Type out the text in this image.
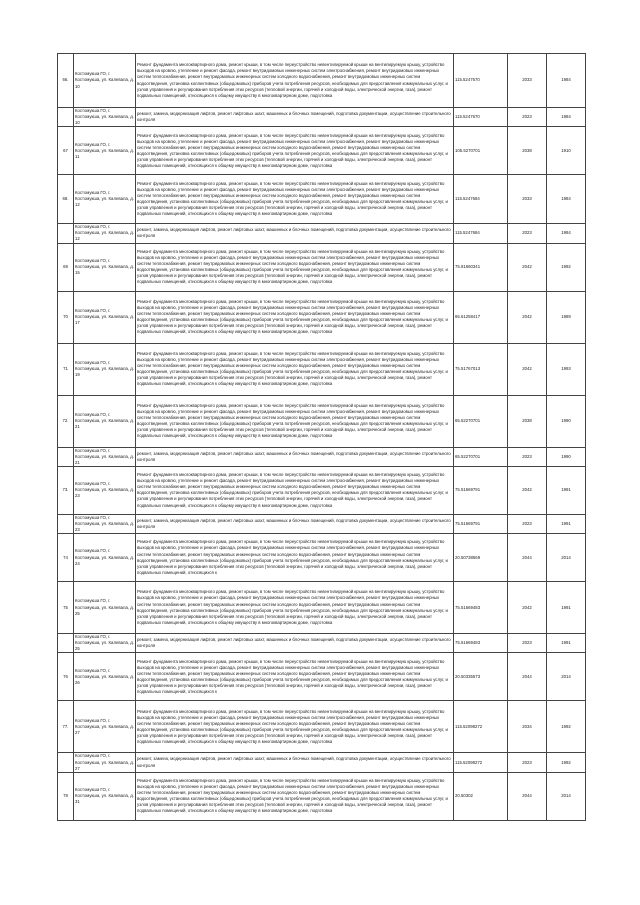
66.	Костомукша ГО, г. Костомукша, ул. Калевала, д. 10	Ремонт фундамента многоквартирного дома, ремонт крыши, в том числе переустройство невентилируемой крыши на вентилируемую крышу, устройство выходов на кровлю, утепление и ремонт фасада, ремонт внутридомовых инженерных систем электроснабжения, ремонт внутридомовых инженерных систем теплоснабжения, ремонт внутридомовых инженерных систем холодного водоснабжения, ремонт внутридомовых инженерных систем водоотведения, установка коллективных (общедомовых) приборов учета потребления ресурсов, необходимых для предоставления коммунальных услуг, и узлов управления и регулирования потребления этих ресурсов (тепловой энергии, горячей и холодной воды, электрической энергии, газа), ремонт подвальных помещений, относящихся к общему имуществу в многоквартирном доме, подготовка	115.5247670	2033	1984
	Костомукша ГО, г. Костомукша, ул. Калевала, д. 10	ремонт, замена, модернизация лифтов, ремонт лифтовых шахт, машинных и блочных помещений, подготовка документации, осуществление строительного контроля	115.5247670	2023	1984
67	Костомукша ГО, г. Костомукша, ул. Калевала, д. 11	Ремонт фундамента многоквартирного дома, ремонт крыши, в том числе переустройство невентилируемой крыши на вентилируемую крышу, устройство выходов на кровлю, утепление и ремонт фасада, ремонт внутридомовых инженерных систем электроснабжения, ремонт внутридомовых инженерных систем теплоснабжения, ремонт внутридомовых инженерных систем холодного водоснабжения, ремонт внутридомовых инженерных систем водоотведения, установка коллективных (общедомовых) приборов учета потребления ресурсов, необходимых для предоставления коммунальных услуг, и узлов управления и регулирования потребления этих ресурсов (тепловой энергии, горячей и холодной воды, электрической энергии, газа), ремонт подвальных помещений, относящихся к общему имуществу в многоквартирном доме, подготовка	105.5270701	2038	1910
68.	Костомукша ГО, г. Костомукша, ул. Калевала, д. 12	Ремонт фундамента многоквартирного дома, ремонт крыши, в том числе переустройство невентилируемой крыши на вентилируемую крышу, устройство выходов на кровлю, утепление и ремонт фасада, ремонт внутридомовых инженерных систем электроснабжения, ремонт внутридомовых инженерных систем теплоснабжения, ремонт внутридомовых инженерных систем холодного водоснабжения, ремонт внутридомовых инженерных систем водоотведения, установка коллективных (общедомовых) приборов учета потребления ресурсов, необходимых для предоставления коммунальных услуг, и узлов управления и регулирования потребления этих ресурсов (тепловой энергии, горячей и холодной воды, электрической энергии, газа), ремонт подвальных помещений, относящихся к общему имуществу в многоквартирном доме, подготовка	115.5247684	2033	1984
	Костомукша ГО, г. Костомукша, ул. Калевала, д. 12	ремонт, замена, модернизация лифтов, ремонт лифтовых шахт, машинных и блочных помещений, подготовка документации, осуществление строительного контроля	115.5247684	2023	1984
69	Костомукша ГО, г. Костомукша, ул. Калевала, д. 15	Ремонт фундамента многоквартирного дома, ремонт крыши, в том числе переустройство невентилируемой крыши на вентилируемую крышу, устройство выходов на кровлю, утепление и ремонт фасада, ремонт внутридомовых инженерных систем электроснабжения, ремонт внутридомовых инженерных систем теплоснабжения, ремонт внутридомовых инженерных систем холодного водоснабжения, ремонт внутридомовых инженерных систем водоотведения, установка коллективных (общедомовых) приборов учета потребления ресурсов, необходимых для предоставления коммунальных услуг, и узлов управления и регулирования потребления этих ресурсов (тепловой энергии, горячей и холодной воды, электрической энергии, газа), ремонт подвальных помещений, относящихся к общему имуществу в многоквартирном доме, подготовка	75.81660341	2042	1992
70	Костомукша ГО, г. Костомукша, ул. Калевала, д. 17	Ремонт фундамента многоквартирного дома, ремонт крыши, в том числе переустройство невентилируемой крыши на вентилируемую крышу, устройство выходов на кровлю, утепление и ремонт фасада, ремонт внутридомовых инженерных систем электроснабжения, ремонт внутридомовых инженерных систем теплоснабжения, ремонт внутридомовых инженерных систем холодного водоснабжения, ремонт внутридомовых инженерных систем водоотведения, установка коллективных (общедомовых) приборов учета потребления ресурсов, необходимых для предоставления коммунальных услуг, и узлов управления и регулирования потребления этих ресурсов (тепловой энергии, горячей и холодной воды, электрической энергии, газа), ремонт подвальных помещений, относящихся к общему имуществу в многоквартирном доме, подготовка	65.61258417	2042	1989
71	Костомукша ГО, г. Костомукша, ул. Калевала, д. 19	Ремонт фундамента многоквартирного дома, ремонт крыши, в том числе переустройство невентилируемой крыши на вентилируемую крышу, устройство выходов на кровлю, утепление и ремонт фасада, ремонт внутридомовых инженерных систем электроснабжения, ремонт внутридомовых инженерных систем теплоснабжения, ремонт внутридомовых инженерных систем холодного водоснабжения, ремонт внутридомовых инженерных систем водоотведения, установка коллективных (общедомовых) приборов учета потребления ресурсов, необходимых для предоставления коммунальных услуг, и узлов управления и регулирования потребления этих ресурсов (тепловой энергии, горячей и холодной воды, электрической энергии, газа), ремонт подвальных помещений, относящихся к общему имуществу в многоквартирном доме, подготовка	75.51767013	2042	1993
72.	Костомукша ГО, г. Костомукша, ул. Калевала, д. 21	Ремонт фундамента многоквартирного дома, ремонт крыши, в том числе переустройство невентилируемой крыши на вентилируемую крышу, устройство выходов на кровлю, утепление и ремонт фасада, ремонт внутридомовых инженерных систем электроснабжения, ремонт внутридомовых инженерных систем теплоснабжения, ремонт внутридомовых инженерных систем холодного водоснабжения, ремонт внутридомовых инженерных систем водоотведения, установка коллективных (общедомовых) приборов учета потребления ресурсов, необходимых для предоставления коммунальных услуг, и узлов управления и регулирования потребления этих ресурсов (тепловой энергии, горячей и холодной воды, электрической энергии, газа), ремонт подвальных помещений, относящихся к общему имуществу в многоквартирном доме, подготовка	65.52270701	2038	1990
	Костомукша ГО, г. Костомукша, ул. Калевала, д. 21	ремонт, замена, модернизация лифтов, ремонт лифтовых шахт, машинных и блочных помещений, подготовка документации, осуществление строительного контроля	65.52270701	2023	1990
73.	Костомукша ГО, г. Костомукша, ул. Калевала, д. 23	Ремонт фундамента многоквартирного дома, ремонт крыши, в том числе переустройство невентилируемой крыши на вентилируемую крышу, устройство выходов на кровлю, утепление и ремонт фасада, ремонт внутридомовых инженерных систем электроснабжения, ремонт внутридомовых инженерных систем теплоснабжения, ремонт внутридомовых инженерных систем холодного водоснабжения, ремонт внутридомовых инженерных систем водоотведения, установка коллективных (общедомовых) приборов учета потребления ресурсов, необходимых для предоставления коммунальных услуг, и узлов управления и регулирования потребления этих ресурсов (тепловой энергии, горячей и холодной воды, электрической энергии, газа), ремонт подвальных помещений, относящихся к общему имуществу в многоквартирном доме, подготовка	75.51669791	2042	1991
	Костомукша ГО, г. Костомукша, ул. Калевала, д. 23	ремонт, замена, модернизация лифтов, ремонт лифтовых шахт, машинных и блочных помещений, подготовка документации, осуществление строительного контроля	75.51669791	2023	1991
74	Костомукша ГО, г. Костомукша, ул. Калевала, д. 24	Ремонт фундамента многоквартирного дома, ремонт крыши, в том числе переустройство невентилируемой крыши на вентилируемую крышу, устройство выходов на кровлю, утепление и ремонт фасада, ремонт внутридомовых инженерных систем электроснабжения, ремонт внутридомовых инженерных систем теплоснабжения, ремонт внутридомовых инженерных систем холодного водоснабжения, ремонт внутридомовых инженерных систем водоотведения, установка коллективных (общедомовых) приборов учета потребления ресурсов, необходимых для предоставления коммунальных услуг, и узлов управления и регулирования потребления этих ресурсов (тепловой энергии, горячей и холодной воды, электрической энергии, газа), ремонт подвальных помещений, относящихся к	20.50738569	2044	2014
75	Костомукша ГО, г. Костомукша, ул. Калевала, д. 25	Ремонт фундамента многоквартирного дома, ремонт крыши, в том числе переустройство невентилируемой крыши на вентилируемую крышу, устройство выходов на кровлю, утепление и ремонт фасада, ремонт внутридомовых инженерных систем электроснабжения, ремонт внутридомовых инженерных систем теплоснабжения, ремонт внутридомовых инженерных систем холодного водоснабжения, ремонт внутридомовых инженерных систем водоотведения, установка коллективных (общедомовых) приборов учета потребления ресурсов, необходимых для предоставления коммунальных услуг, и узлов управления и регулирования потребления этих ресурсов (тепловой энергии, горячей и холодной воды, электрической энергии, газа), ремонт подвальных помещений, относящихся к общему имуществу в многоквартирном доме, подготовка	75.51669483	2042	1991
	Костомукша ГО, г. Костомукша, ул. Калевала, д. 25	ремонт, замена, модернизация лифтов, ремонт лифтовых шахт, машинных и блочных помещений, подготовка документации, осуществление строительного контроля	75.51669483	2023	1991
76	Костомукша ГО, г. Костомукша, ул. Калевала, д. 26	Ремонт фундамента многоквартирного дома, ремонт крыши, в том числе переустройство невентилируемой крыши на вентилируемую крышу, устройство выходов на кровлю, утепление и ремонт фасада, ремонт внутридомовых инженерных систем электроснабжения, ремонт внутридомовых инженерных систем теплоснабжения, ремонт внутридомовых инженерных систем холодного водоснабжения, ремонт внутридомовых инженерных систем водоотведения, установка коллективных (общедомовых) приборов учета потребления ресурсов, необходимых для предоставления коммунальных услуг, и узлов управления и регулирования потребления этих ресурсов (тепловой энергии, горячей и холодной воды, электрической энергии, газа), ремонт подвальных помещений, относящихся к	20.50335573	2044	2014
77.	Костомукша ГО, г. Костомукша, ул. Калевала, д. 27	Ремонт фундамента многоквартирного дома, ремонт крыши, в том числе переустройство невентилируемой крыши на вентилируемую крышу, устройство выходов на кровлю, утепление и ремонт фасада, ремонт внутридомовых инженерных систем электроснабжения, ремонт внутридомовых инженерных систем теплоснабжения, ремонт внутридомовых инженерных систем холодного водоснабжения, ремонт внутридомовых инженерных систем водоотведения, установка коллективных (общедомовых) приборов учета потребления ресурсов, необходимых для предоставления коммунальных услуг, и узлов управления и регулирования потребления этих ресурсов (тепловой энергии, горячей и холодной воды, электрической энергии, газа), ремонт подвальных помещений, относящихся к общему имуществу в многоквартирном доме, подготовка	115.52098272	2034	1992
	Костомукша ГО, г. Костомукша, ул. Калевала, д. 27	ремонт, замена, модернизация лифтов, ремонт лифтовых шахт, машинных и блочных помещений, подготовка документации, осуществление строительного контроля	115.52098272	2023	1992
78	Костомукша ГО, г. Костомукша, ул. Калевала, д. 31	Ремонт фундамента многоквартирного дома, ремонт крыши, в том числе переустройство невентилируемой крыши на вентилируемую крышу, устройство выходов на кровлю, утепление и ремонт фасада, ремонт внутридомовых инженерных систем электроснабжения, ремонт внутридомовых инженерных систем теплоснабжения, ремонт внутридомовых инженерных систем холодного водоснабжения, ремонт внутридомовых инженерных систем водоотведения, установка коллективных (общедомовых) приборов учета потребления ресурсов, необходимых для предоставления коммунальных услуг, и узлов управления и регулирования потребления этих ресурсов (тепловой энергии, горячей и холодной воды, электрической энергии, газа), ремонт подвальных помещений, относящихся к общему имуществу в многоквартирном доме, подготовка	20.50302	2044	2014
